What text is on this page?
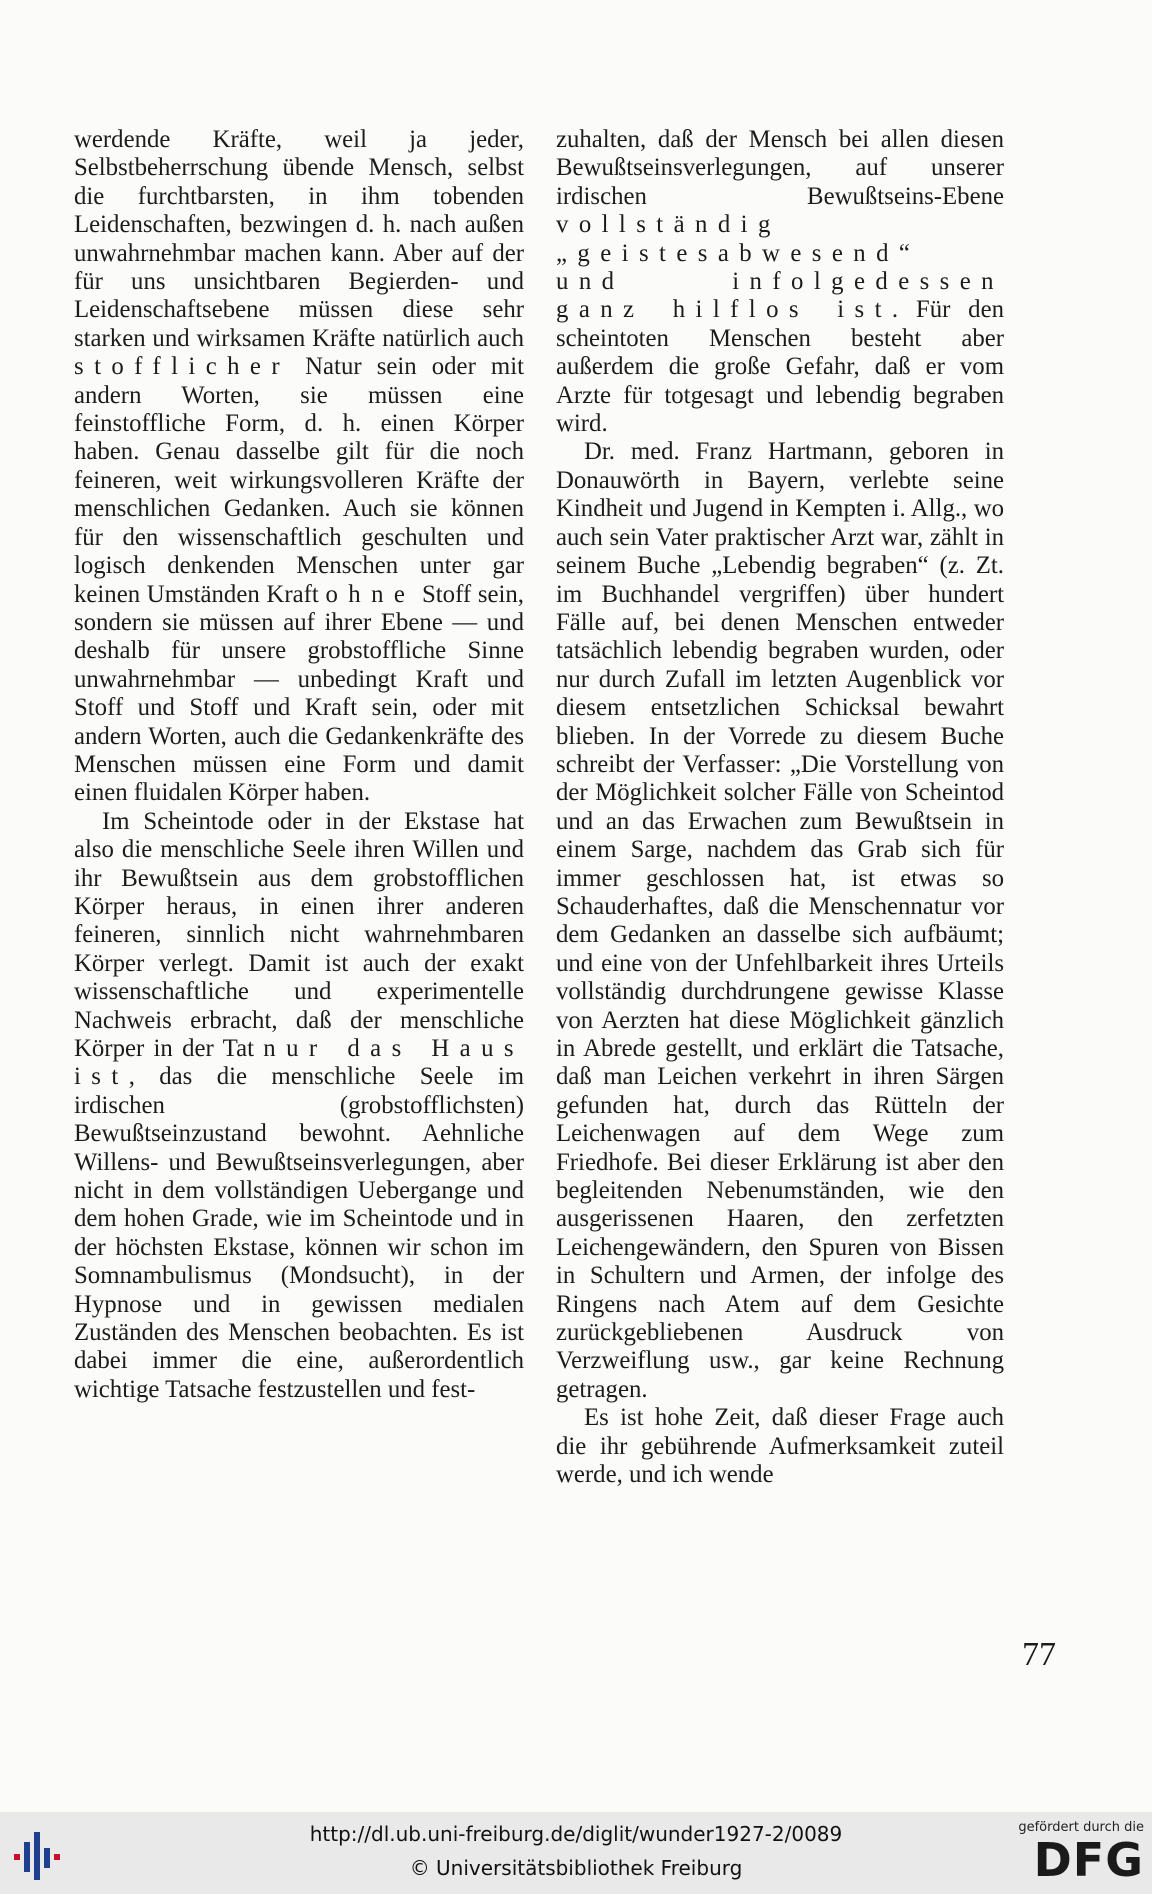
werdende Kräfte, weil ja jeder, Selbstbeherrschung übende Mensch, selbst die furchtbarsten, in ihm tobenden Leidenschaften, bezwingen d. h. nach außen unwahrnehmbar machen kann. Aber auf der für uns unsichtbaren Begierden- und Leidenschaftsebene müssen diese sehr starken und wirksamen Kräfte natürlich auch stofflicher Natur sein oder mit andern Worten, sie müssen eine feinstoffliche Form, d. h. einen Körper haben. Genau dasselbe gilt für die noch feineren, weit wirkungsvolleren Kräfte der menschlichen Gedanken. Auch sie können für den wissenschaftlich geschulten und logisch denkenden Menschen unter gar keinen Umständen Kraft ohne Stoff sein, sondern sie müssen auf ihrer Ebene — und deshalb für unsere grobstoffliche Sinne unwahrnehmbar — unbedingt Kraft und Stoff und Stoff und Kraft sein, oder mit andern Worten, auch die Gedankenkräfte des Menschen müssen eine Form und damit einen fluidalen Körper haben.

Im Scheintode oder in der Ekstase hat also die menschliche Seele ihren Willen und ihr Bewußtsein aus dem grobstofflichen Körper heraus, in einen ihrer anderen feineren, sinnlich nicht wahrnehmbaren Körper verlegt. Damit ist auch der exakt wissenschaftliche und experimentelle Nachweis erbracht, daß der menschliche Körper in der Tat nur das Haus ist, das die menschliche Seele im irdischen (grobstofflichsten) Bewußtseinzustand bewohnt. Aehnliche Willens- und Bewußtseinsverlegungen, aber nicht in dem vollständigen Uebergange und dem hohen Grade, wie im Scheintode und in der höchsten Ekstase, können wir schon im Somnambulismus (Mondsucht), in der Hypnose und in gewissen medialen Zuständen des Menschen beobachten. Es ist dabei immer die eine, außerordentlich wichtige Tatsache festzustellen und fest-

zuhalten, daß der Mensch bei allen diesen Bewußtseinsverlegungen, auf unserer irdischen Bewußtseins-Ebene vollständig „geistesabwesend“ und infolgedessen ganz hilflos ist. Für den scheintoten Menschen besteht aber außerdem die große Gefahr, daß er vom Arzte für totgesagt und lebendig begraben wird.

Dr. med. Franz Hartmann, geboren in Donauwörth in Bayern, verlebte seine Kindheit und Jugend in Kempten i. Allg., wo auch sein Vater praktischer Arzt war, zählt in seinem Buche „Lebendig begraben“ (z. Zt. im Buchhandel vergriffen) über hundert Fälle auf, bei denen Menschen entweder tatsächlich lebendig begraben wurden, oder nur durch Zufall im letzten Augenblick vor diesem entsetzlichen Schicksal bewahrt blieben. In der Vorrede zu diesem Buche schreibt der Verfasser: „Die Vorstellung von der Möglichkeit solcher Fälle von Scheintod und an das Erwachen zum Bewußtsein in einem Sarge, nachdem das Grab sich für immer geschlossen hat, ist etwas so Schauderhaftes, daß die Menschennatur vor dem Gedanken an dasselbe sich aufbäumt; und eine von der Unfehlbarkeit ihres Urteils vollständig durchdrungene gewisse Klasse von Aerzten hat diese Möglichkeit gänzlich in Abrede gestellt, und erklärt die Tatsache, daß man Leichen verkehrt in ihren Särgen gefunden hat, durch das Rütteln der Leichenwagen auf dem Wege zum Friedhofe. Bei dieser Erklärung ist aber den begleitenden Nebenumständen, wie den ausgerissenen Haaren, den zerfetzten Leichengewändern, den Spuren von Bissen in Schultern und Armen, der infolge des Ringens nach Atem auf dem Gesichte zurückgebliebenen Ausdruck von Verzweiflung usw., gar keine Rechnung getragen.

Es ist hohe Zeit, daß dieser Frage auch die ihr gebührende Aufmerksamkeit zuteil werde, und ich wende

77
http://dl.ub.uni-freiburg.de/diglit/wunder1927-2/0089
© Universitätsbibliothek Freiburg
gefördert durch die
DFG
